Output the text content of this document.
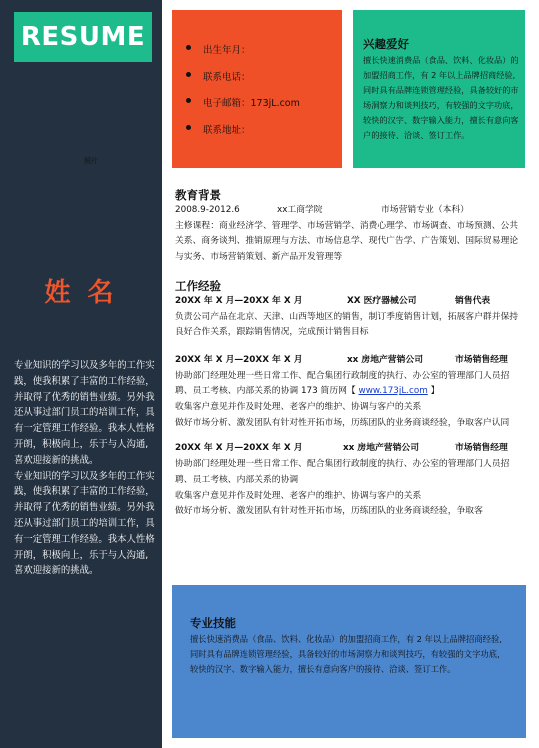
RESUME
照片
姓 名

专业知识的学习以及多年的工作实践，使我积累了丰富的工作经验，并取得了优秀的销售业绩。另外我还从事过部门员工的培训工作，具有一定管理工作经验。我本人性格开朗，积极向上，乐于与人沟通,喜欢迎接新的挑战。

专业知识的学习以及多年的工作实践，使我积累了丰富的工作经验，并取得了优秀的销售业绩。另外我还从事过部门员工的培训工作，具有一定管理工作经验。我本人性格开朗，积极向上，乐于与人沟通,喜欢迎接新的挑战。

出生年月：
联系电话：
电子邮箱：173jL.com
联系地址：
兴趣爱好
擅长快速消费品（食品、饮料、化妆品）的加盟招商工作，有 2 年以上品牌招商经验,同时具有品牌连锁管理经验，具备较好的市场洞察力和谈判技巧，有较强的文字功底，较快的汉字、数字输入能力，擅长有意向客户的接待、洽谈、签订工作。

教育背景

2008.9-2012.6	xx工商学院	市场营销专业（本科）

主修课程：商业经济学、管理学、市场营销学、消费心理学、市场调查、市场预测、公共关系、商务谈判、推销原理与方法、市场信息学、现代广告学、广告策划、国际贸易理论与实务、市场营销策划、新产品开发管理等

工作经验

20XX 年 X 月—20XX 年 X 月	XX 医疗器械公司	销售代表

负责公司产品在北京、天津、山西等地区的销售，制订季度销售计划，拓展客户群并保持良好合作关系，跟踪销售情况，完成预计销售目标

20XX 年 X 月—20XX 年 X 月	xx 房地产营销公司	市场销售经理

协助部门经理处理一些日常工作、配合集团行政制度的执行、办公室的管理部门人员招聘、员工考核、内部关系的协调 173 简历网【 www.173jL.com 】

收集客户意见并作及时处理、老客户的维护、协调与客户的关系

做好市场分析、激发团队有针对性开拓市场，历练团队的业务商谈经验，争取客户认同

20XX 年 X 月—20XX 年 X 月	xx 房地产营销公司	市场销售经理

协助部门经理处理一些日常工作、配合集团行政制度的执行、办公室的管理部门人员招聘、员工考核、内部关系的协调

收集客户意见并作及时处理、老客户的维护、协调与客户的关系

做好市场分析、激发团队有针对性开拓市场，历练团队的业务商谈经验，争取客

专业技能
擅长快速消费品（食品、饮料、化妆品）的加盟招商工作，有 2 年以上品牌招商经验,同时具有品牌连锁管理经验，具备较好的市场洞察力和谈判技巧，有较强的文字功底，较快的汉字、数字输入能力，擅长有意向客户的接待、洽谈、签订工作。
